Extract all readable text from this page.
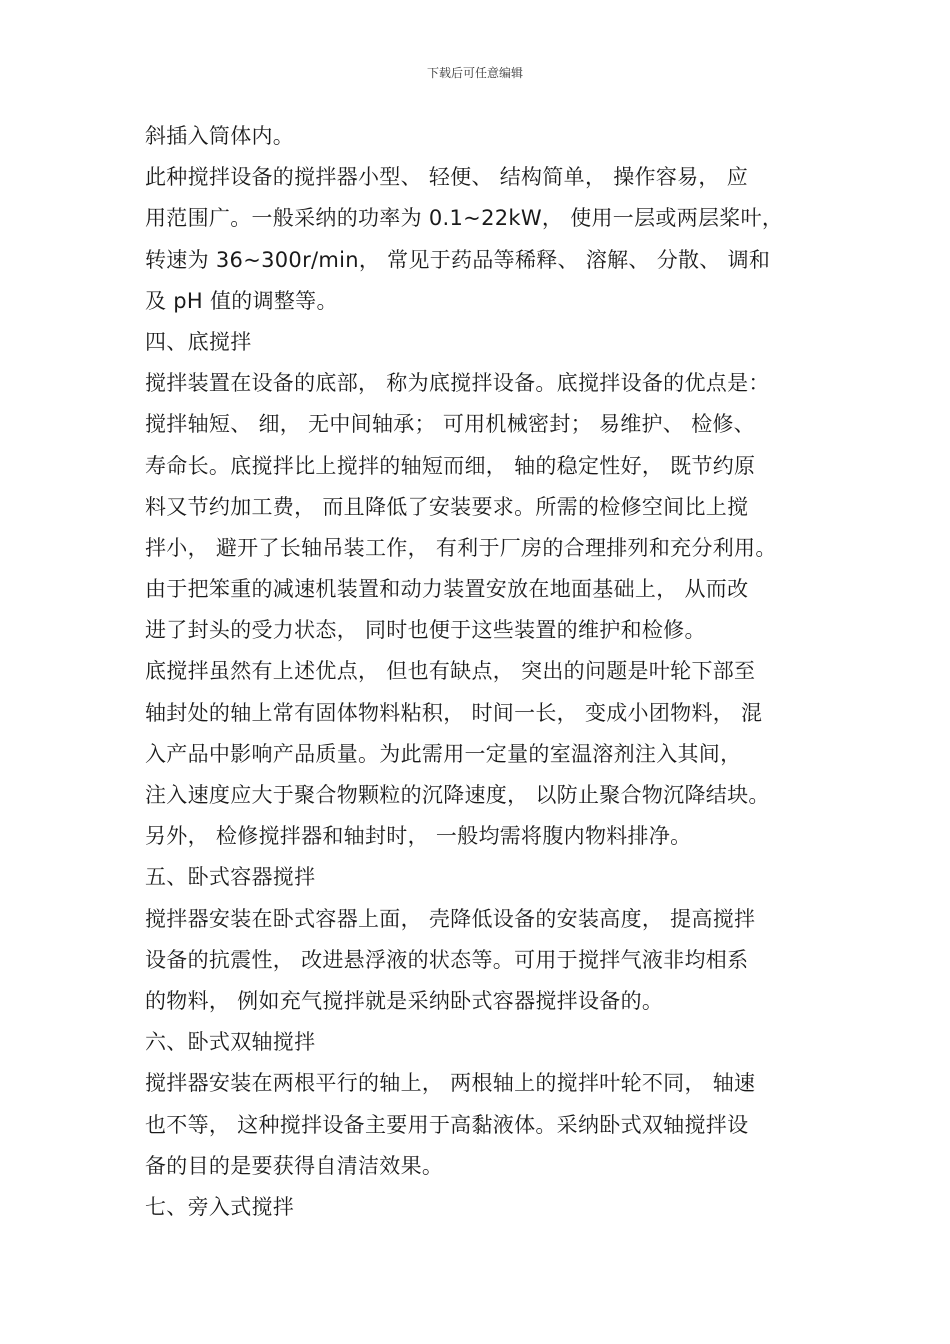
下载后可任意编辑
斜插入筒体内。
此种搅拌设备的搅拌器小型、 轻便、 结构简单， 操作容易， 应
用范围广。一般采纳的功率为 0.1~22kW， 使用一层或两层桨叶，
转速为 36~300r/min， 常见于药品等稀释、 溶解、 分散、 调和
及 pH 值的调整等。
四、底搅拌
搅拌装置在设备的底部， 称为底搅拌设备。底搅拌设备的优点是：
搅拌轴短、 细， 无中间轴承； 可用机械密封； 易维护、 检修、
寿命长。底搅拌比上搅拌的轴短而细， 轴的稳定性好， 既节约原
料又节约加工费， 而且降低了安装要求。所需的检修空间比上搅
拌小， 避开了长轴吊装工作， 有利于厂房的合理排列和充分利用。
由于把笨重的减速机装置和动力装置安放在地面基础上， 从而改
进了封头的受力状态， 同时也便于这些装置的维护和检修。
底搅拌虽然有上述优点， 但也有缺点， 突出的问题是叶轮下部至
轴封处的轴上常有固体物料粘积， 时间一长， 变成小团物料， 混
入产品中影响产品质量。为此需用一定量的室温溶剂注入其间，
注入速度应大于聚合物颗粒的沉降速度， 以防止聚合物沉降结块。
另外， 检修搅拌器和轴封时， 一般均需将腹内物料排净。
五、卧式容器搅拌
搅拌器安装在卧式容器上面， 壳降低设备的安装高度， 提高搅拌
设备的抗震性， 改进悬浮液的状态等。可用于搅拌气液非均相系
的物料， 例如充气搅拌就是采纳卧式容器搅拌设备的。
六、卧式双轴搅拌
搅拌器安装在两根平行的轴上， 两根轴上的搅拌叶轮不同， 轴速
也不等， 这种搅拌设备主要用于高黏液体。采纳卧式双轴搅拌设
备的目的是要获得自清洁效果。
七、旁入式搅拌
